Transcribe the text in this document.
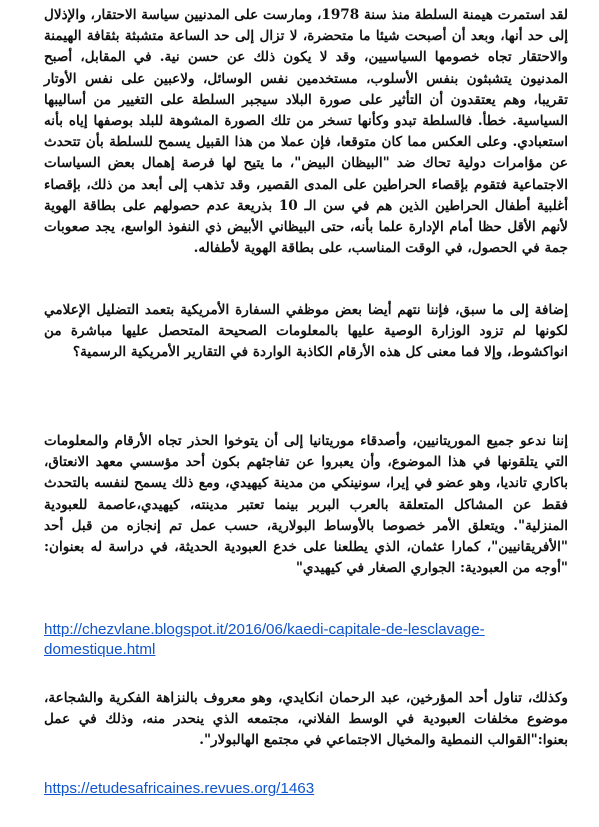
لقد استمرت هيمنة السلطة منذ سنة 1978، ومارست على المدنيين سياسة الاحتقار، والإذلال إلى حد أنها، وبعد أن أصبحت شيئا ما متحضرة، لا تزال إلى حد الساعة متشبثة بثقافة الهيمنة والاحتقار تجاه خصومها السياسيين، وقد لا يكون ذلك عن حسن نية. في المقابل، أصبح المدنيون يتشبثون بنفس الأسلوب، مستخدمين نفس الوسائل، ولاعبين على نفس الأوتار تقريبا، وهم يعتقدون أن التأثير على صورة البلاد سيجبر السلطة على التغيير من أساليبها السياسية. خطأ. فالسلطة تبدو وكأنها تسخر من تلك الصورة المشوهة للبلد بوصفها إياه بأنه استعبادي. وعلى العكس مما كان متوقعا، فإن عملا من هذا القبيل يسمح للسلطة بأن تتحدث عن مؤامرات دولية تحاك ضد "البيظان البيض"، ما يتيح لها فرصة إهمال بعض السياسات الاجتماعية فتقوم بإقصاء الحراطين على المدى القصير، وقد تذهب إلى أبعد من ذلك، بإقصاء أغلبية أطفال الحراطين الذين هم في سن الـ 10 بذريعة عدم حصولهم على بطاقة الهوية لأنهم الأقل حظا أمام الإدارة علما بأنه، حتى البيظاني الأبيض ذي النفوذ الواسع، يجد صعوبات جمة في الحصول، في الوقت المناسب، على بطاقة الهوية لأطفاله.

إضافة إلى ما سبق، فإننا نتهم أيضا بعض موظفي السفارة الأمريكية بتعمد التضليل الإعلامي لكونها لم تزود الوزارة الوصية عليها بالمعلومات الصحيحة المتحصل عليها مباشرة من انواكشوط، وإلا فما معنى كل هذه الأرقام الكاذبة الواردة في التقارير الأمريكية الرسمية؟

إننا ندعو جميع الموريتانيين، وأصدقاء موريتانيا إلى أن يتوخوا الحذر تجاه الأرقام والمعلومات التي يتلقونها في هذا الموضوع، وأن يعبروا عن تفاجئهم بكون أحد مؤسسي معهد الانعتاق، باكاري تانديا، وهو عضو في إيرا، سونينكي من مدينة كيهيدي، ومع ذلك يسمح لنفسه بالتحدث فقط عن المشاكل المتعلقة بالعرب البربر بينما تعتبر مدينته، كيهيدي،عاصمة للعبودية المنزلية". ويتعلق الأمر خصوصا بالأوساط البولارية، حسب عمل تم إنجازه من قبل أحد "الأفريقانيين"، كمارا عثمان، الذي يطلعنا على خدع العبودية الحديثة، في دراسة له بعنوان: "أوجه من العبودية: الجواري الصغار في كيهيدي"

http://chezvlane.blogspot.it/2016/06/kaedi-capitale-de-lesclavage-domestique.html

وكذلك، تناول أحد المؤرخين، عبد الرحمان انكايدي، وهو معروف بالنزاهة الفكرية والشجاعة، موضوع مخلفات العبودية في الوسط الفلاني، مجتمعه الذي ينحدر منه، وذلك في عمل بعنوا:"القوالب النمطية والمخيال الاجتماعي في مجتمع الهالبولار".

https://etudesafricaines.revues.org/1463
